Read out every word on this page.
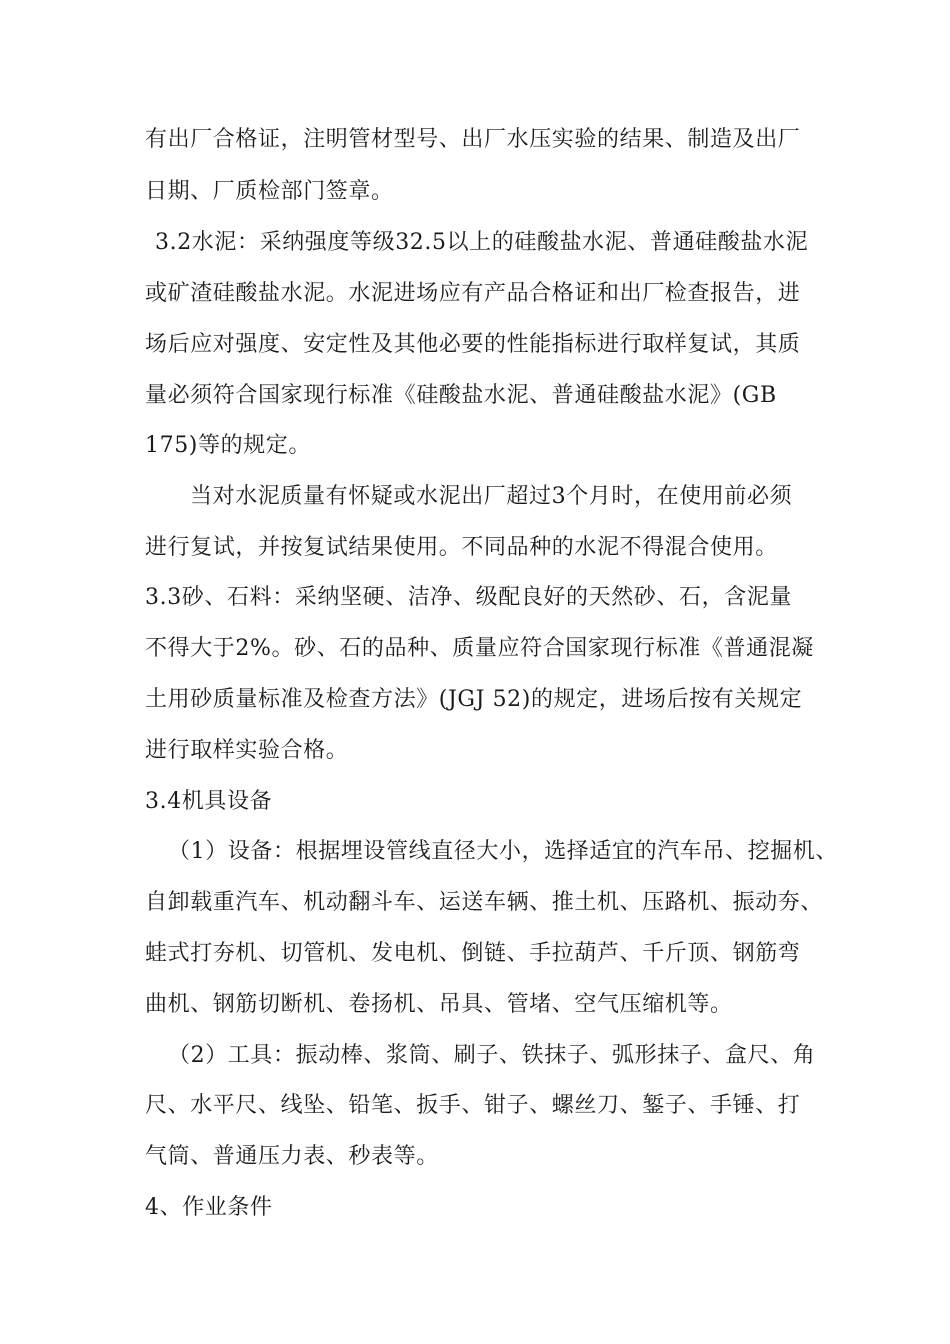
有出厂合格证，注明管材型号、出厂水压实验的结果、制造及出厂
日期、厂质检部门签章。
3.2水泥：采纳强度等级32.5以上的硅酸盐水泥、普通硅酸盐水泥
或矿渣硅酸盐水泥。水泥进场应有产品合格证和出厂检查报告，进
场后应对强度、安定性及其他必要的性能指标进行取样复试，其质
量必须符合国家现行标准《硅酸盐水泥、普通硅酸盐水泥》(GB
175)等的规定。
当对水泥质量有怀疑或水泥出厂超过3个月时，在使用前必须
进行复试，并按复试结果使用。不同品种的水泥不得混合使用。
3.3砂、石料：采纳坚硬、洁净、级配良好的天然砂、石，含泥量
不得大于2%。砂、石的品种、质量应符合国家现行标准《普通混凝
土用砂质量标准及检查方法》(JGJ 52)的规定，进场后按有关规定
进行取样实验合格。
3.4机具设备
（1）设备：根据埋设管线直径大小，选择适宜的汽车吊、挖掘机、
自卸载重汽车、机动翻斗车、运送车辆、推土机、压路机、振动夯、
蛙式打夯机、切管机、发电机、倒链、手拉葫芦、千斤顶、钢筋弯
曲机、钢筋切断机、卷扬机、吊具、管堵、空气压缩机等。
（2）工具：振动棒、浆筒、刷子、铁抹子、弧形抹子、盒尺、角
尺、水平尺、线坠、铅笔、扳手、钳子、螺丝刀、錾子、手锤、打
气筒、普通压力表、秒表等。
4、作业条件
